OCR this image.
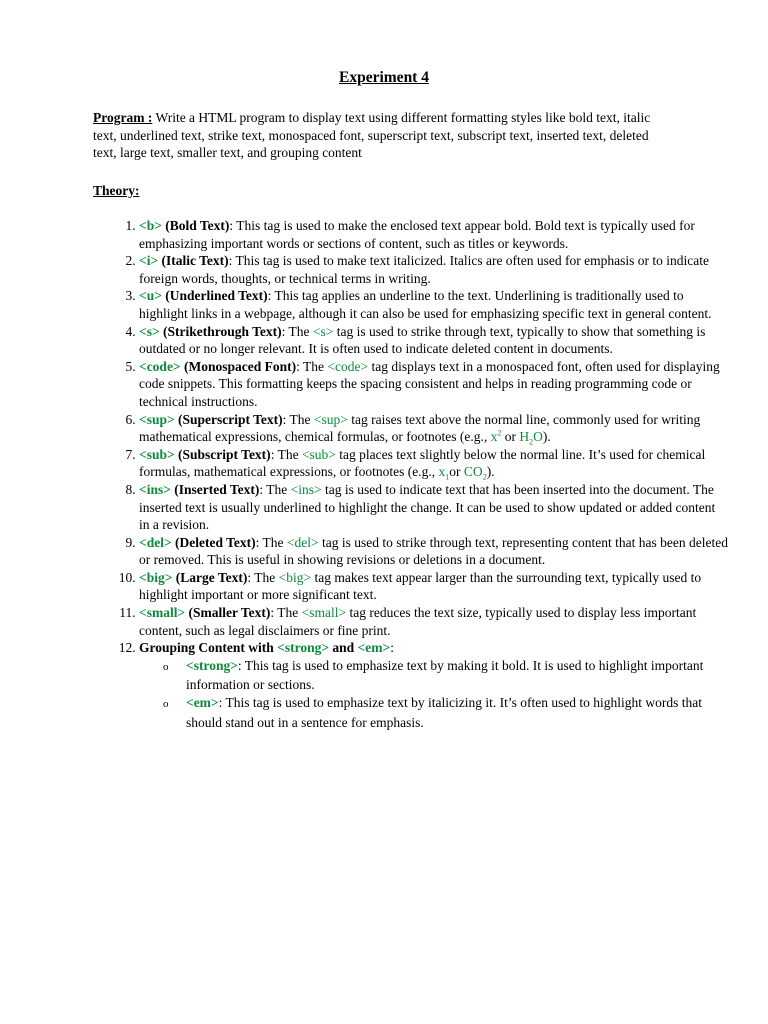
Experiment 4
Program : Write a HTML program to display text using different formatting styles like bold text, italic text, underlined text, strike text, monospaced font, superscript text, subscript text, inserted text, deleted text, large text, smaller text, and grouping content
Theory:
1. <b> (Bold Text): This tag is used to make the enclosed text appear bold. Bold text is typically used for emphasizing important words or sections of content, such as titles or keywords.
2. <i> (Italic Text): This tag is used to make text italicized. Italics are often used for emphasis or to indicate foreign words, thoughts, or technical terms in writing.
3. <u> (Underlined Text): This tag applies an underline to the text. Underlining is traditionally used to highlight links in a webpage, although it can also be used for emphasizing specific text in general content.
4. <s> (Strikethrough Text): The <s> tag is used to strike through text, typically to show that something is outdated or no longer relevant. It is often used to indicate deleted content in documents.
5. <code> (Monospaced Font): The <code> tag displays text in a monospaced font, often used for displaying code snippets. This formatting keeps the spacing consistent and helps in reading programming code or technical instructions.
6. <sup> (Superscript Text): The <sup> tag raises text above the normal line, commonly used for writing mathematical expressions, chemical formulas, or footnotes (e.g., $x^2$ or $H_2O$).
7. <sub> (Subscript Text): The <sub> tag places text slightly below the normal line. It’s used for chemical formulas, mathematical expressions, or footnotes (e.g., $x_1or$ $CO_2$).
8. <ins> (Inserted Text): The <ins> tag is used to indicate text that has been inserted into the document. The inserted text is usually underlined to highlight the change. It can be used to show updated or added content in a revision.
9. <del> (Deleted Text): The <del> tag is used to strike through text, representing content that has been deleted or removed. This is useful in showing revisions or deletions in a document.
10. <big> (Large Text): The <big> tag makes text appear larger than the surrounding text, typically used to highlight important or more significant text.
11. <small> (Smaller Text): The <small> tag reduces the text size, typically used to display less important content, such as legal disclaimers or fine print.
12. Grouping Content with <strong> and <em>:
o <strong>: This tag is used to emphasize text by making it bold. It is used to highlight important information or sections.
o <em>: This tag is used to emphasize text by italicizing it. It’s often used to highlight words that should stand out in a sentence for emphasis.
